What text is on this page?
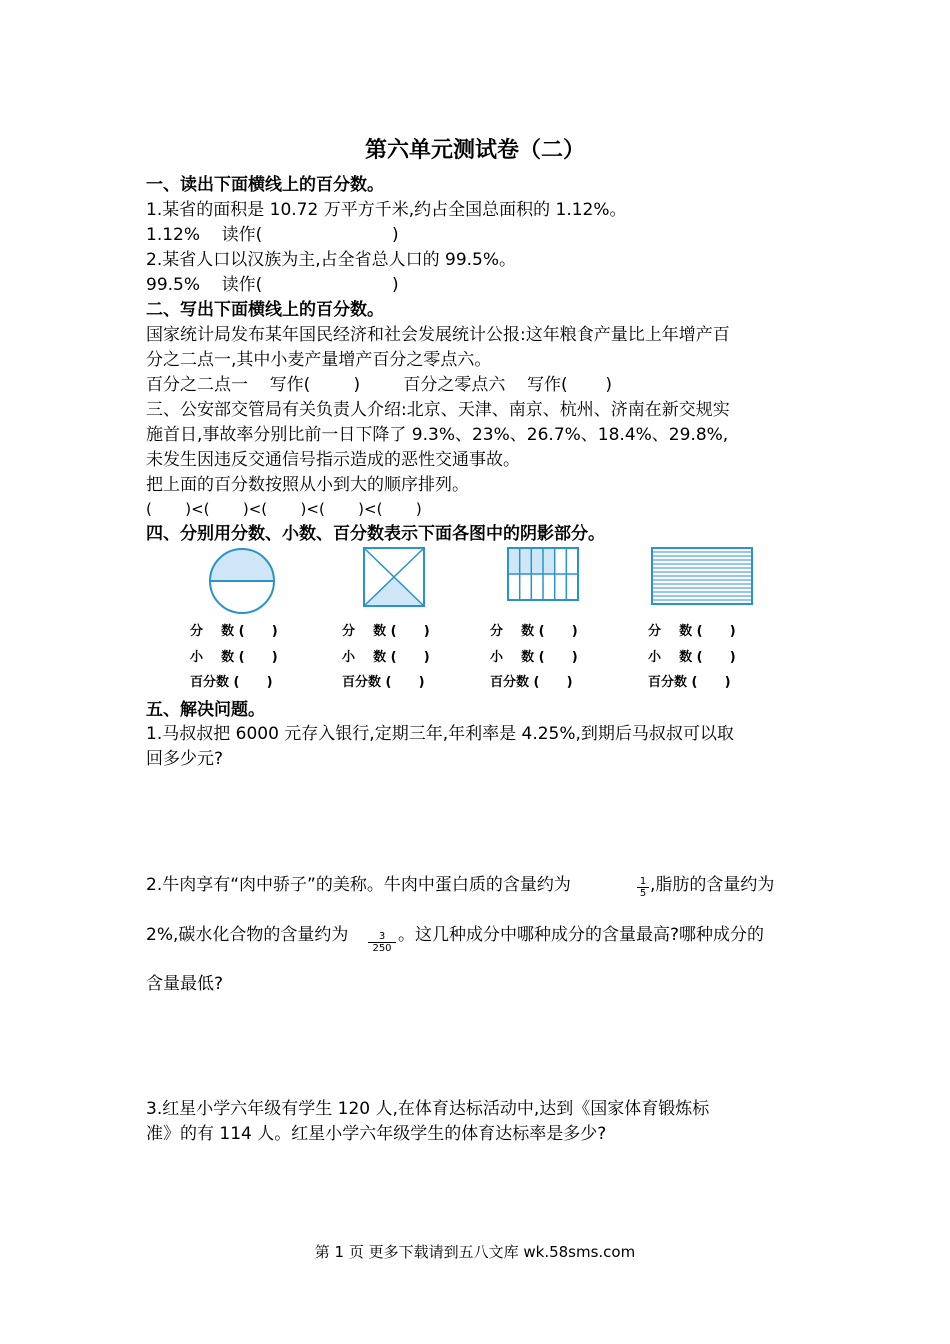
第六单元测试卷（二）
一、读出下面横线上的百分数。
1.某省的面积是 10.72 万平方千米,约占全国总面积的 1.12%。
1.12%    读作(                        )
2.某省人口以汉族为主,占全省总人口的 99.5%。
99.5%    读作(                        )
二、写出下面横线上的百分数。
国家统计局发布某年国民经济和社会发展统计公报:这年粮食产量比上年增产百
分之二点一,其中小麦产量增产百分之零点六。
百分之二点一    写作(        )        百分之零点六    写作(       )
三、公安部交管局有关负责人介绍:北京、天津、南京、杭州、济南在新交规实
施首日,事故率分别比前一日下降了 9.3%、23%、26.7%、18.4%、29.8%,
未发生因违反交通信号指示造成的恶性交通事故。
把上面的百分数按照从小到大的顺序排列。
(       )<(       )<(       )<(       )<(       )
四、分别用分数、小数、百分数表示下面各图中的阴影部分。
分    数 (      )
小    数 (      )
百分数 (      )
分    数 (      )
小    数 (      )
百分数 (      )
分    数 (      )
小    数 (      )
百分数 (      )
分    数 (      )
小    数 (      )
百分数 (      )
五、解决问题。
1.马叔叔把 6000 元存入银行,定期三年,年利率是 4.25%,到期后马叔叔可以取
回多少元?
2.牛肉享有“肉中骄子”的美称。牛肉中蛋白质的含量约为	$\frac{1}{5}$ ,脂肪的含量约为
2%,碳水化合物的含量约为 $\frac{3}{250}$ 。这几种成分中哪种成分的含量最高?哪种成分的
含量最低?
3.红星小学六年级有学生 120 人,在体育达标活动中,达到《国家体育锻炼标
准》的有 114 人。红星小学六年级学生的体育达标率是多少?
第 1 页 更多下载请到五八文库 wk.58sms.com
